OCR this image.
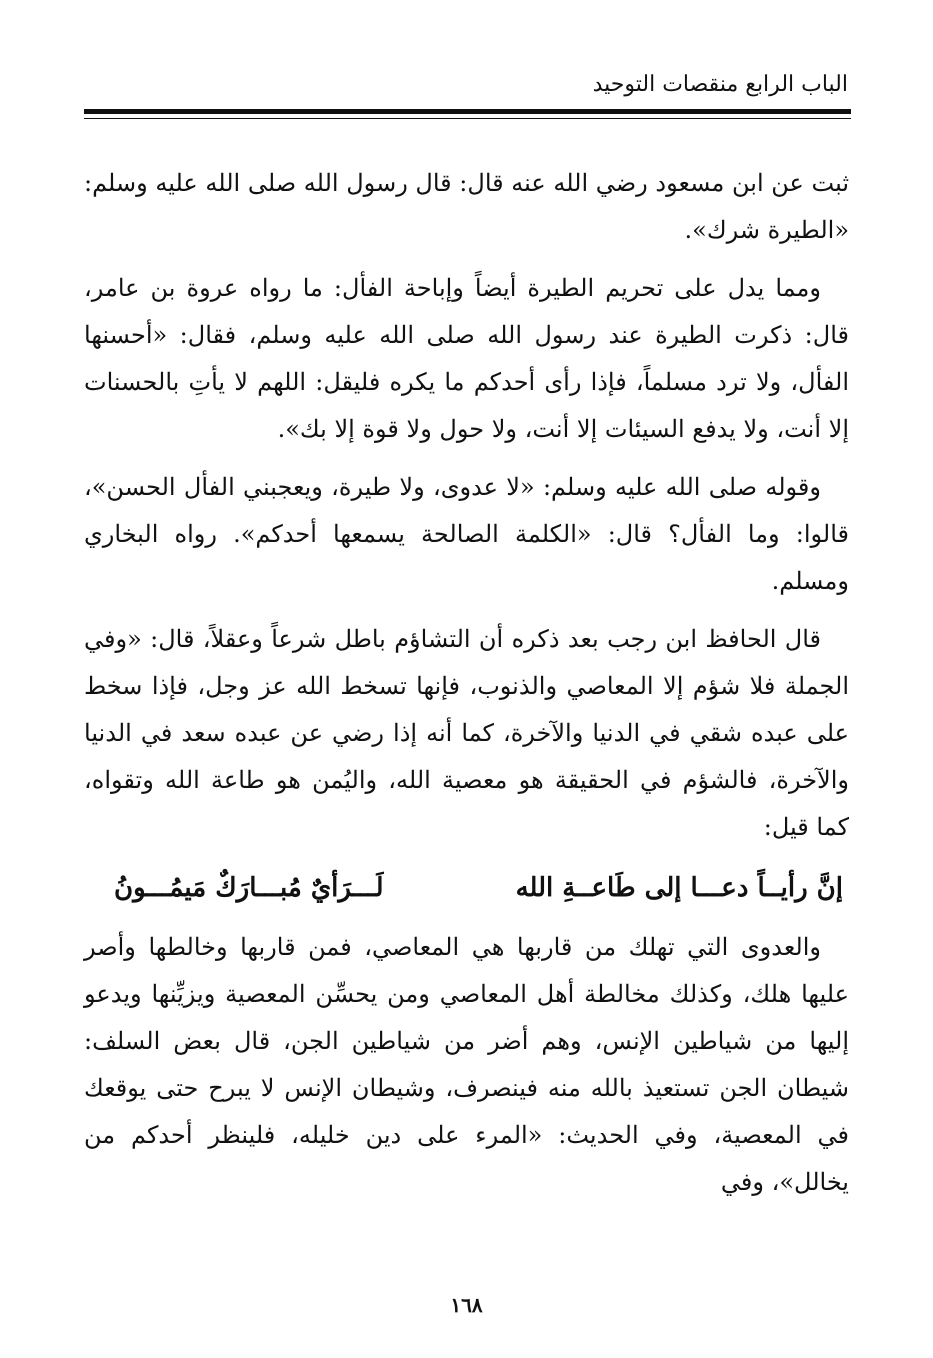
الباب الرابع منقصات التوحيد

ثبت عن ابن مسعود رضي الله عنه قال: قال رسول الله صلى الله عليه وسلم: «الطيرة شرك».

ومما يدل على تحريم الطيرة أيضاً وإباحة الفأل: ما رواه عروة بن عامر، قال: ذكرت الطيرة عند رسول الله صلى الله عليه وسلم، فقال: «أحسنها الفأل، ولا ترد مسلماً، فإذا رأى أحدكم ما يكره فليقل: اللهم لا يأتِ بالحسنات إلا أنت، ولا يدفع السيئات إلا أنت، ولا حول ولا قوة إلا بك».

وقوله صلى الله عليه وسلم: «لا عدوى، ولا طيرة، ويعجبني الفأل الحسن»، قالوا: وما الفأل؟ قال: «الكلمة الصالحة يسمعها أحدكم». رواه البخاري ومسلم.

قال الحافظ ابن رجب بعد ذكره أن التشاؤم باطل شرعاً وعقلاً، قال: «وفي الجملة فلا شؤم إلا المعاصي والذنوب، فإنها تسخط الله عز وجل، فإذا سخط على عبده شقي في الدنيا والآخرة، كما أنه إذا رضي عن عبده سعد في الدنيا والآخرة، فالشؤم في الحقيقة هو معصية الله، واليُمن هو طاعة الله وتقواه، كما قيل:

إنَّ رأيــاً دعـــا إلى طَاعــةِ الله
لَـــرَأيٌ مُبـــارَكٌ مَيمُـــونُ

والعدوى التي تهلك من قاربها هي المعاصي، فمن قاربها وخالطها وأصر عليها هلك، وكذلك مخالطة أهل المعاصي ومن يحسِّن المعصية ويزيِّنها ويدعو إليها من شياطين الإنس، وهم أضر من شياطين الجن، قال بعض السلف: شيطان الجن تستعيذ بالله منه فينصرف، وشيطان الإنس لا يبرح حتى يوقعك في المعصية، وفي الحديث: «المرء على دين خليله، فلينظر أحدكم من يخالل»، وفي

١٦٨
